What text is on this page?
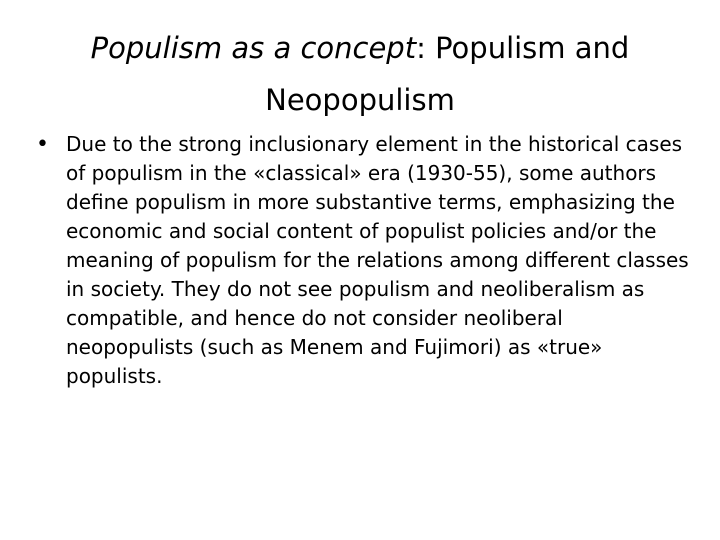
Populism as a concept: Populism and Neopopulism
• Due to the strong inclusionary element in the historical cases of populism in the «classical» era (1930-55), some authors define populism in more substantive terms, emphasizing the economic and social content of populist policies and/or the meaning of populism for the relations among different classes in society. They do not see populism and neoliberalism as compatible, and hence do not consider neoliberal neopopulists (such as Menem and Fujimori) as «true» populists.
